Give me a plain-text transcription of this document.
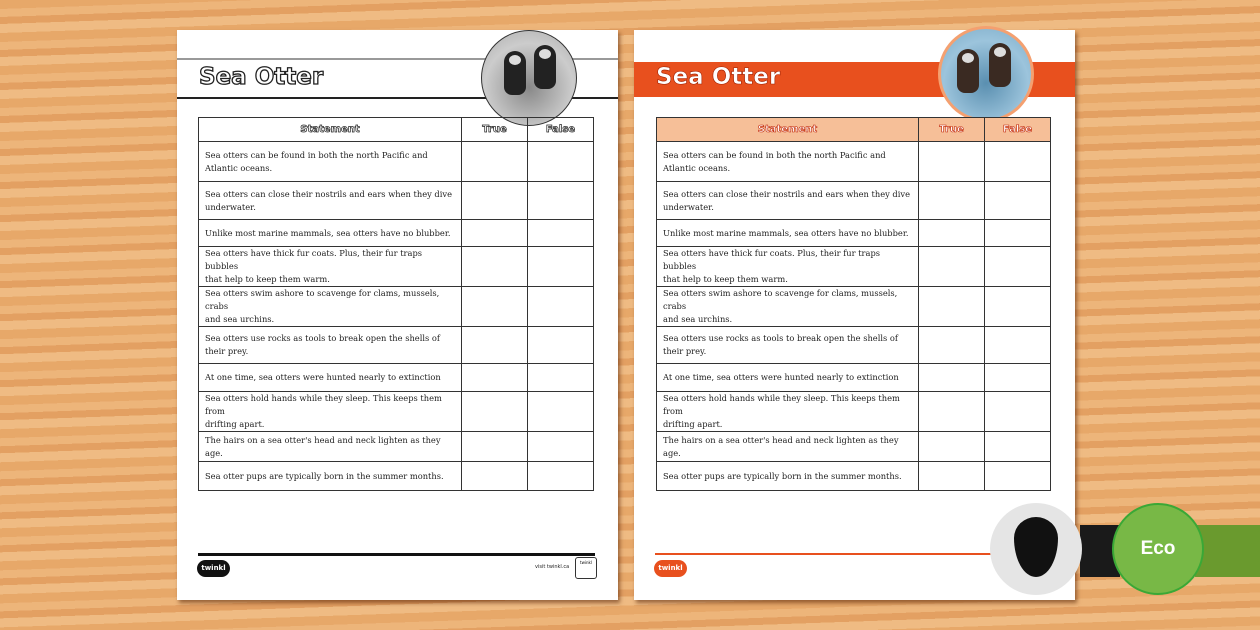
Sea Otter
Statement	True	False
Sea otters can be found in both the north Pacific and
Atlantic oceans.		
Sea otters can close their nostrils and ears when they dive
underwater.		
Unlike most marine mammals, sea otters have no blubber.		
Sea otters have thick fur coats. Plus, their fur traps bubbles
that help to keep them warm.		
Sea otters swim ashore to scavenge for clams, mussels, crabs
and sea urchins.		
Sea otters use rocks as tools to break open the shells of
their prey.		
At one time, sea otters were hunted nearly to extinction		
Sea otters hold hands while they sleep. This keeps them from
drifting apart.		
The hairs on a sea otter's head and neck lighten as they age.		
Sea otter pups are typically born in the summer months.		
twinkl	visit twinkl.ca
twinkl
Sea Otter
Statement	True	False
Sea otters can be found in both the north Pacific and
Atlantic oceans.		
Sea otters can close their nostrils and ears when they dive
underwater.		
Unlike most marine mammals, sea otters have no blubber.		
Sea otters have thick fur coats. Plus, their fur traps bubbles
that help to keep them warm.		
Sea otters swim ashore to scavenge for clams, mussels, crabs
and sea urchins.		
Sea otters use rocks as tools to break open the shells of
their prey.		
At one time, sea otters were hunted nearly to extinction		
Sea otters hold hands while they sleep. This keeps them from
drifting apart.		
The hairs on a sea otter's head and neck lighten as they age.		
Sea otter pups are typically born in the summer months.		
twinkl
Eco
